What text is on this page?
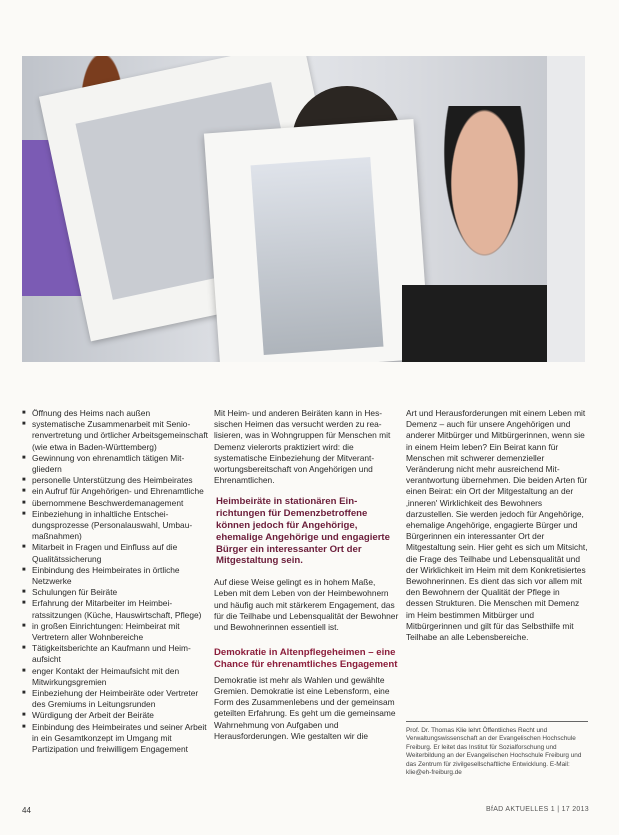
■ Öffnung des Heims nach außen
■ systematische Zusammenarbeit mit Seniorenvertretung und örtlicher Arbeitsgemeinschaft (wie etwa in Baden-Württemberg)
■ Gewinnung von ehrenamtlich tätigen Mitgliedern
■ personelle Unterstützung des Heimbeirates
■ ein Aufruf für Angehörigen- und Ehrenamtliche
■ übernommene Beschwerdemanagement
■ Einbeziehung in inhaltliche Entscheidungsprozesse (Personalauswahl, Umbaumaßnahmen)
■ Mitarbeit in Fragen und Einfluss auf die Qualitätssicherung
■ Einbindung des Heimbeirates in örtliche Netzwerke
■ Schulungen für Beiräte
■ Erfahrung der Mitarbeiter im Heimbeiratssitzungen (Küche, Hauswirtschaft, Pflege)
■ in großen Einrichtungen: Heimbeirat mit Vertretern aller Wohnbereiche
■ Tätigkeitsberichte an Kaufmann und Heimaufsicht
■ enger Kontakt der Heimaufsicht mit den Mitwirkungsgremien
■ Einbeziehung der Heimbeiräte oder Vertreter des Gremiums in Leitungsrunden
■ Würdigung der Arbeit der Beiräte
■ Einbindung des Heimbeirates und seiner Arbeit in ein Gesamtkonzept im Umgang mit Partizipation und freiwilligem Engagement

Mit Heim- und anderen Beiräten kann in Hessischen Heimen das versucht werden zu realisieren, was in Wohngruppen für Menschen mit Demenz vielerorts praktiziert wird: die systematische Einbeziehung der Mitverantwortungsbereitschaft von Angehörigen und Ehrenamtlichen.

Heimbeiräte in stationären Einrichtungen für Demenzbetroffene können jedoch für Angehörige, ehemalige Angehörige und engagierte Bürger ein interessanter Ort der Mitgestaltung sein.

Auf diese Weise gelingt es in hohem Maße, Leben mit dem Leben von der Heimbewohnern und häufig auch mit stärkerem Engagement, das für die Teilhabe und Lebensqualität der Bewohner und Bewohnerinnen essentiell ist.

Demokratie in Altenpflegeheimen – eine Chance für ehrenamtliches Engagement

Demokratie ist mehr als Wahlen und gewählte Gremien. Demokratie ist eine Lebensform, eine Form des Zusammenlebens und der gemeinsam geteilten Erfahrung. Es geht um die gemeinsame Wahrnehmung von Aufgaben und Herausforderungen. Wie gestalten wir die

Art und Herausforderungen mit einem Leben mit Demenz – auch für unsere Angehörigen und anderer Mitbürger und Mitbürgerinnen, wenn sie in einem Heim leben? Ein Beirat kann für Menschen mit schwerer demenzieller Veränderung nicht mehr ausreichend Mitverantwortung übernehmen. Die beiden Arten für einen Beirat: ein Ort der Mitgestaltung an der ‚inneren' Wirklichkeit des Bewohners darzustellen. Sie werden jedoch für Angehörige, ehemalige Angehörige, engagierte Bürger und Bürgerinnen ein interessanter Ort der Mitgestaltung sein. Hier geht es sich um Mitsicht, die Frage des Teilhabe und Lebensqualität und der Wirklichkeit im Heim mit dem Konkretisiertes Bewohnerinnen. Es dient das sich vor allem mit den Bewohnern der Qualität der Pflege in dessen Strukturen. Die Menschen mit Demenz im Heim bestimmen Mitbürger und Mitbürgerinnen und gilt für das Selbsthilfe mit Teilhabe an alle Lebensbereiche.

Prof. Dr. Thomas Klie lehrt Öffentliches Recht und Verwaltungswissenschaft an der Evangelischen Hochschule Freiburg. Er leitet das Institut für Sozialforschung und Weiterbildung an der Evangelischen Hochschule Freiburg und das Zentrum für zivilgesellschaftliche Entwicklung. E-Mail: klie@eh-freiburg.de
44	BfAD AKTUELLES 1 | 17 2013
